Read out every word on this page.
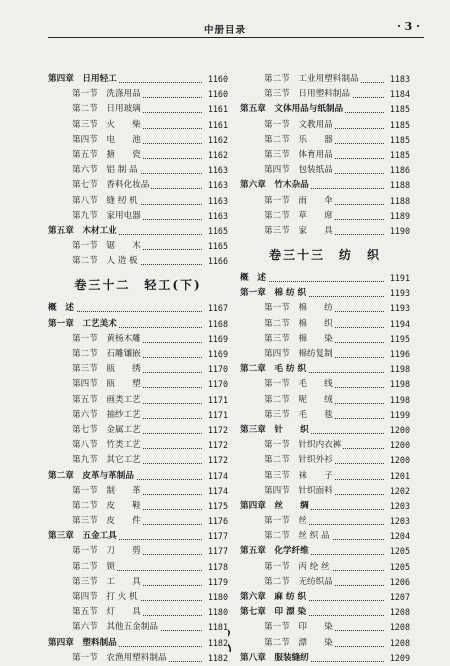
中册目录	· 3 ·
第四章　日用轻工	1160
第一节　洗涤用品	1160
第二节　日用玻璃	1161
第三节　火　　柴	1161
第四节　电　　池	1162
第五节　搪　　瓷	1162
第六节　铝 制 品	1163
第七节　香料化妆品	1163
第八节　缝 纫 机	1163
第九节　家用电器	1163
第五章　木材工业	1165
第一节　锯　　木	1165
第二节　人 造 板	1166
卷三十二　轻工(下)
概　述	1167
第一章　工艺美术	1168
第一节　黄杨木雕	1169
第二节　石雕镶嵌	1169
第三节　瓯　　绣	1170
第四节　瓯　　塑	1170
第五节　画类工艺	1171
第六节　抽纱工艺	1171
第七节　金属工艺	1172
第八节　竹类工艺	1172
第九节　其它工艺	1172
第二章　皮革与革制品	1174
第一节　制　　革	1174
第二节　皮　　鞋	1175
第三节　皮　　件	1176
第三章　五金工具	1177
第一节　刀　　剪	1177
第二节　锁	1178
第三节　工　　具	1179
第四节　打 火 机	1180
第五节　灯　　具	1180
第六节　其他五金制品	1181
第四章　塑料制品	1182
第一节　农渔用塑料制品	1182
第二节　工业用塑料制品	1183
第三节　日用塑料制品	1184
第五章　文体用品与纸制品	1185
第一节　文教用品	1185
第二节　乐　　器	1185
第三节　体育用品	1185
第四节　包装纸品	1186
第六章　竹木杂品	1188
第一节　雨　　伞	1188
第二节　草　　席	1189
第三节　家　　具	1190
卷三十三　纺　织
概　述	1191
第一章　棉 纺 织	1193
第一节　棉　　纺	1193
第二节　棉　　织	1194
第三节　棉　　染	1195
第四节　棉纺复制	1196
第二章　毛 纺 织	1198
第一节　毛　　线	1198
第二节　呢　　绒	1198
第三节　毛　　毯	1199
第三章　针　　织	1200
第一节　针织内衣裤	1200
第二节　针织外衫	1200
第三节　袜　　子	1201
第四节　针织面料	1202
第四章　丝　　绸	1203
第一节　丝	1203
第二节　丝 织 品	1204
第五章　化学纤维	1205
第一节　丙 纶 丝	1205
第二节　无纺织品	1206
第六章　麻 纺 织	1207
第七章　印 漂 染	1208
第一节　印　　染	1208
第二节　漂　　染	1208
第八章　服装缝纫	1209
